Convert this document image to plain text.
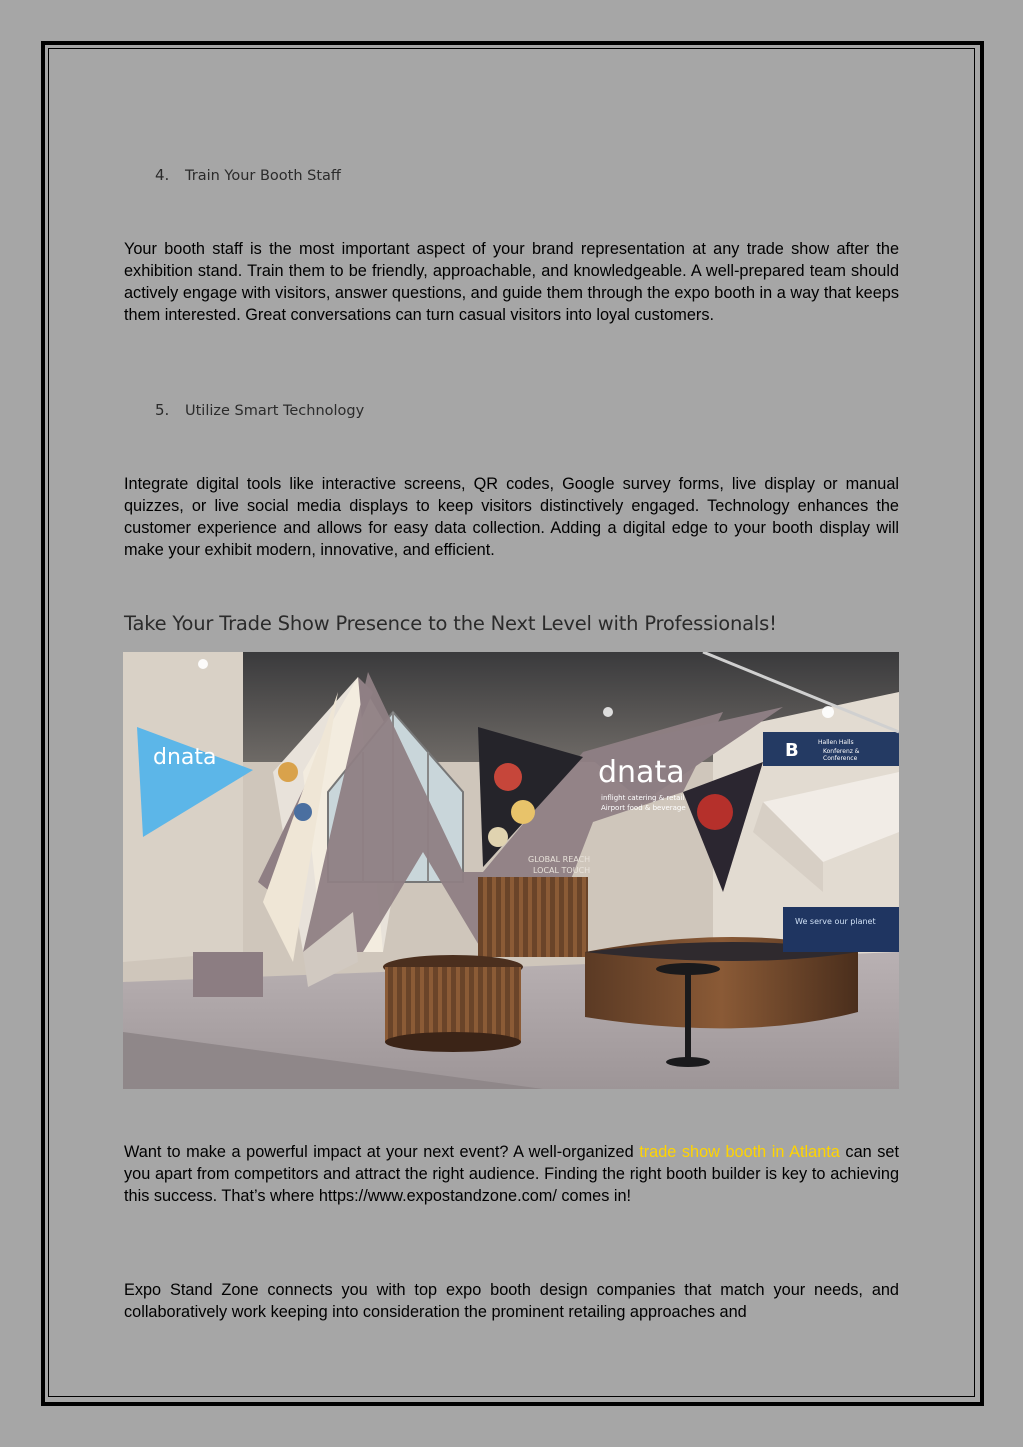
4. Train Your Booth Staff
Your booth staff is the most important aspect of your brand representation at any trade show after the exhibition stand. Train them to be friendly, approachable, and knowledgeable. A well-prepared team should actively engage with visitors, answer questions, and guide them through the expo booth in a way that keeps them interested. Great conversations can turn casual visitors into loyal customers.
5. Utilize Smart Technology
Integrate digital tools like interactive screens, QR codes, Google survey forms, live display or manual quizzes, or live social media displays to keep visitors distinctively engaged. Technology enhances the customer experience and allows for easy data collection. Adding a digital edge to your booth display will make your exhibit modern, innovative, and efficient.
Take Your Trade Show Presence to the Next Level with Professionals!
dnata	dnata
inflight catering & retail
Airport food & beverage
GLOBAL REACH
LOCAL TOUCH
B	Hallen Halls
Konferenz &
Conference
We serve our planet
Want to make a powerful impact at your next event? A well-organized trade show booth in Atlanta can set you apart from competitors and attract the right audience. Finding the right booth builder is key to achieving this success. That’s where https://www.expostandzone.com/ comes in!
Expo Stand Zone connects you with top expo booth design companies that match your needs, and collaboratively work keeping into consideration the prominent retailing approaches and
